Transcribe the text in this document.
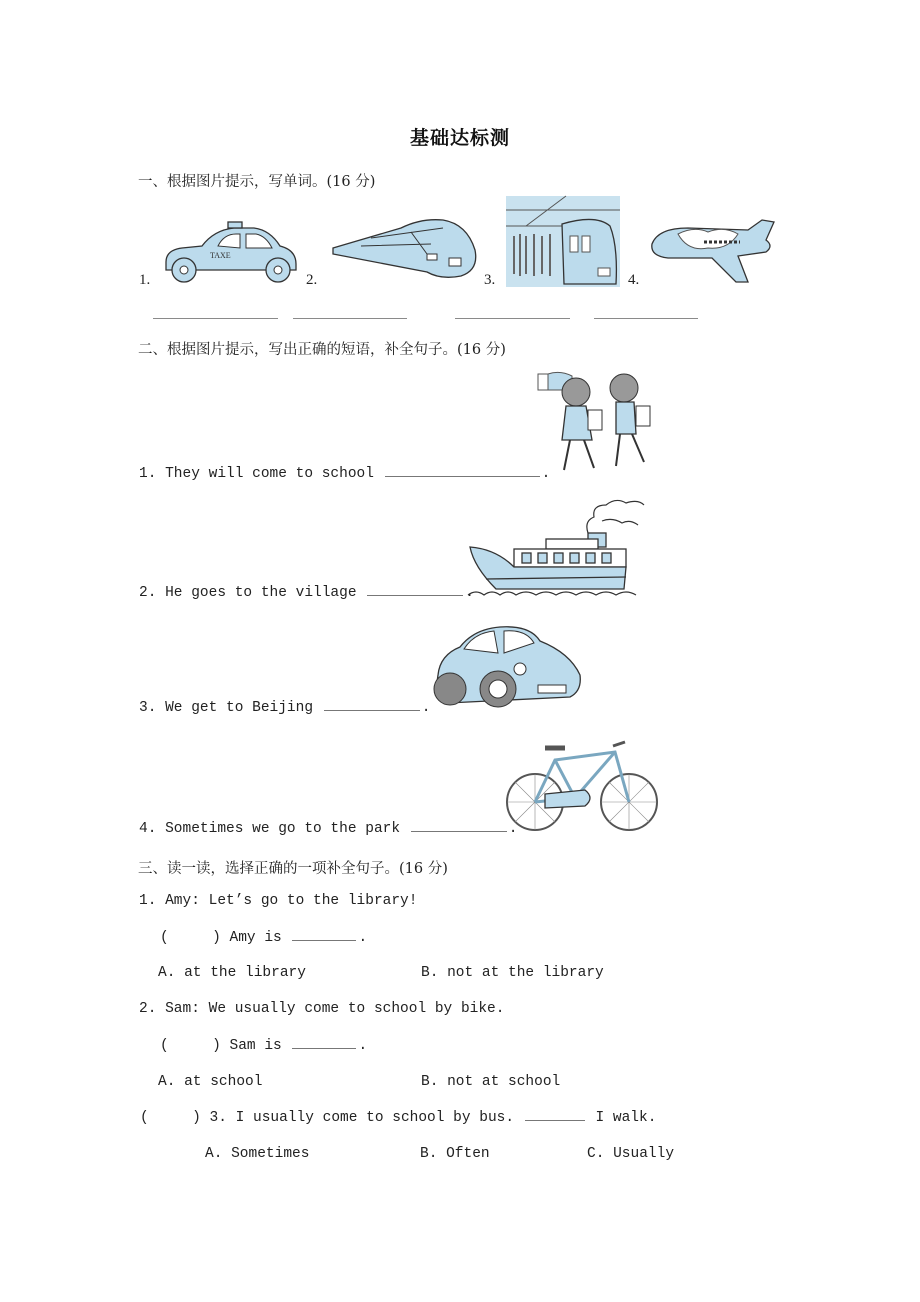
基础达标测
一、根据图片提示，写单词。(16 分)
1.
TAXE
2.	3.	4.
二、根据图片提示，写出正确的短语，补全句子。(16 分)
1. They will come to school	.
2. He goes to the village	.
3. We get to Beijing	.
4. Sometimes we go to the park	.
三、读一读，选择正确的一项补全句子。(16 分)
1. Amy: Let’s go to the library!
(	) Amy is	.
A. at the library	B. not at the library
2. Sam: We usually come to school by bike.
(	) Sam is	.
A. at school	B. not at school
(	) 3. I usually come to school by bus.	I walk.
A. Sometimes	B. Often	C. Usually
